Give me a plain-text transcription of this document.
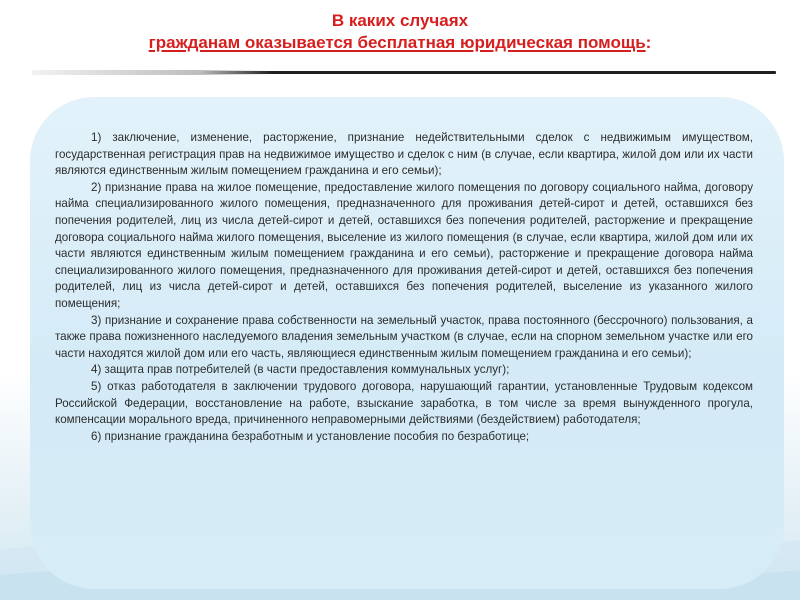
В каких случаях
гражданам оказывается бесплатная юридическая помощь:

1) заключение, изменение, расторжение, признание недействительными сделок с недвижимым имуществом, государственная регистрация прав на недвижимое имущество и сделок с ним (в случае, если квартира, жилой дом или их части являются единственным жилым помещением гражданина и его семьи);

2) признание права на жилое помещение, предоставление жилого помещения по договору социального найма, договору найма специализированного жилого помещения, предназначенного для проживания детей-сирот и детей, оставшихся без попечения родителей, лиц из числа детей-сирот и детей, оставшихся без попечения родителей, расторжение и прекращение договора социального найма жилого помещения, выселение из жилого помещения (в случае, если квартира, жилой дом или их части являются единственным жилым помещением гражданина и его семьи), расторжение и прекращение договора найма специализированного жилого помещения, предназначенного для проживания детей-сирот и детей, оставшихся без попечения родителей, лиц из числа детей-сирот и детей, оставшихся без попечения родителей, выселение из указанного жилого помещения;

3) признание и сохранение права собственности на земельный участок, права постоянного (бессрочного) пользования, а также права пожизненного наследуемого владения земельным участком (в случае, если на спорном земельном участке или его части находятся жилой дом или его часть, являющиеся единственным жилым помещением гражданина и его семьи);

4) защита прав потребителей (в части предоставления коммунальных услуг);

5) отказ работодателя в заключении трудового договора, нарушающий гарантии, установленные Трудовым кодексом Российской Федерации, восстановление на работе, взыскание заработка, в том числе за время вынужденного прогула, компенсации морального вреда, причиненного неправомерными действиями (бездействием) работодателя;

6) признание гражданина безработным и установление пособия по безработице;
